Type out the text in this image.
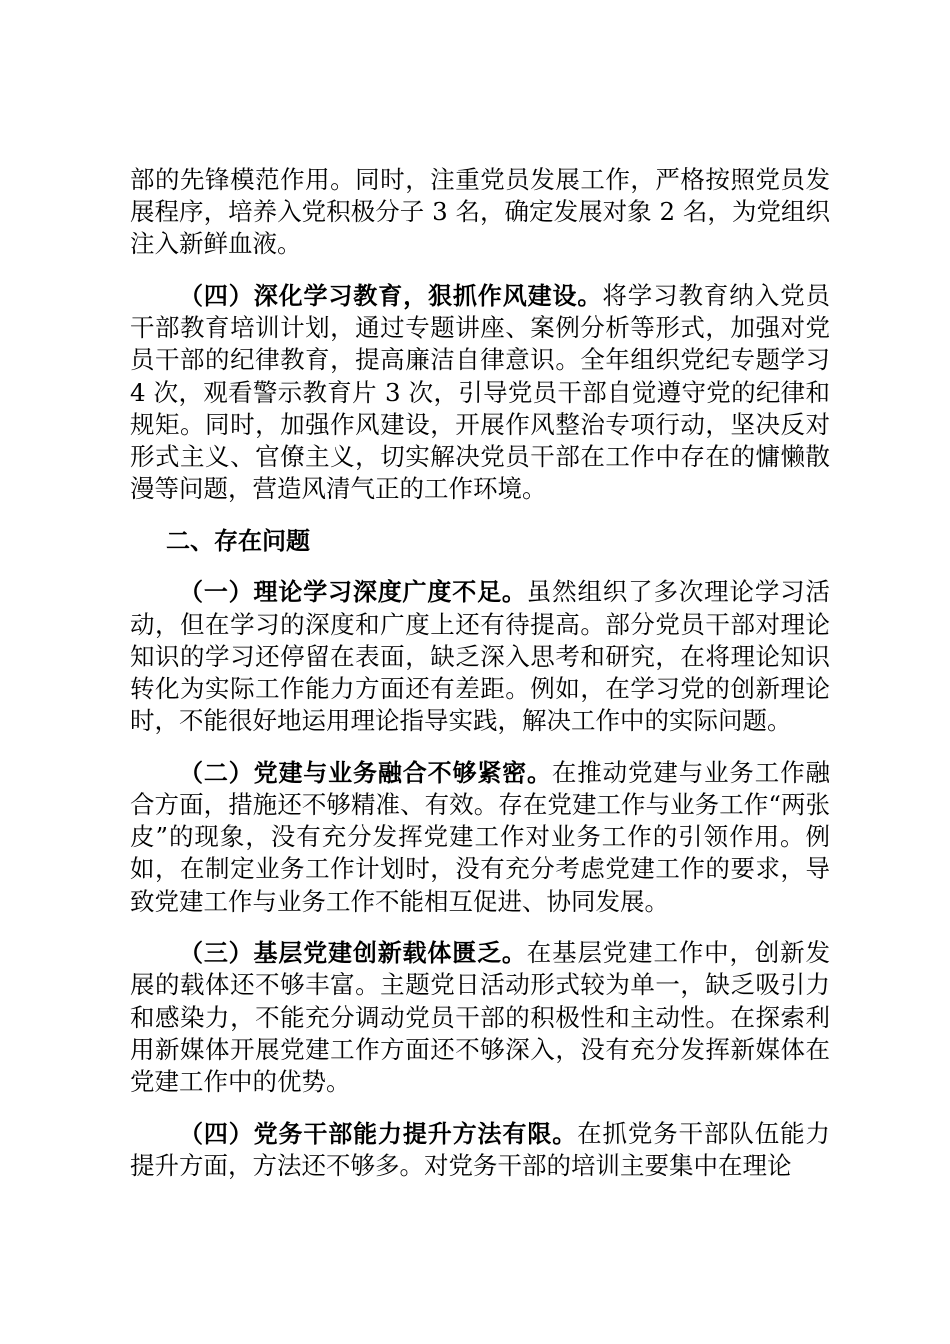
部的先锋模范作用。同时，注重党员发展工作，严格按照党员发展程序，培养入党积极分子 3 名，确定发展对象 2 名，为党组织注入新鲜血液。

（四）深化学习教育，狠抓作风建设。将学习教育纳入党员干部教育培训计划，通过专题讲座、案例分析等形式，加强对党员干部的纪律教育，提高廉洁自律意识。全年组织党纪专题学习 4 次，观看警示教育片 3 次，引导党员干部自觉遵守党的纪律和规矩。同时，加强作风建设，开展作风整治专项行动，坚决反对形式主义、官僚主义，切实解决党员干部在工作中存在的慵懒散漫等问题，营造风清气正的工作环境。

二、存在问题

（一）理论学习深度广度不足。虽然组织了多次理论学习活动，但在学习的深度和广度上还有待提高。部分党员干部对理论知识的学习还停留在表面，缺乏深入思考和研究，在将理论知识转化为实际工作能力方面还有差距。例如，在学习党的创新理论时，不能很好地运用理论指导实践，解决工作中的实际问题。

（二）党建与业务融合不够紧密。在推动党建与业务工作融合方面，措施还不够精准、有效。存在党建工作与业务工作“两张皮”的现象，没有充分发挥党建工作对业务工作的引领作用。例如，在制定业务工作计划时，没有充分考虑党建工作的要求，导致党建工作与业务工作不能相互促进、协同发展。

（三）基层党建创新载体匮乏。在基层党建工作中，创新发展的载体还不够丰富。主题党日活动形式较为单一，缺乏吸引力和感染力，不能充分调动党员干部的积极性和主动性。在探索利用新媒体开展党建工作方面还不够深入，没有充分发挥新媒体在党建工作中的优势。

（四）党务干部能力提升方法有限。在抓党务干部队伍能力提升方面，方法还不够多。对党务干部的培训主要集中在理论
